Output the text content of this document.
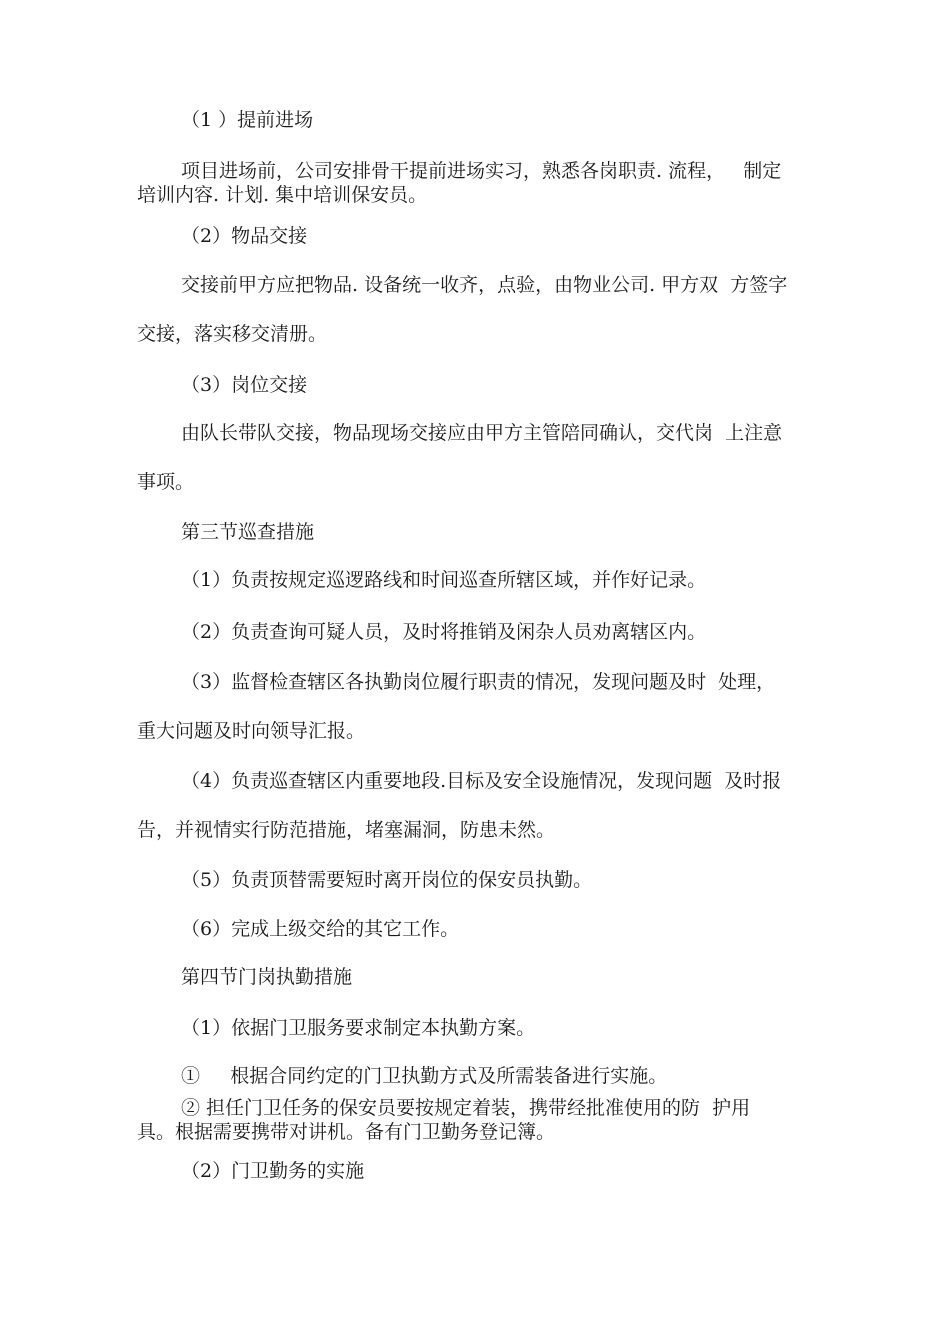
（1 ）提前进场

项目进场前，公司安排骨干提前进场实习，熟悉各岗职责. 流程，   制定

培训内容. 计划. 集中培训保安员。

（2）物品交接

交接前甲方应把物品. 设备统一收齐，点验，由物业公司. 甲方双  方签字

交接，落实移交清册。

（3）岗位交接

由队长带队交接，物品现场交接应由甲方主管陪同确认，交代岗  上注意

事项。

第三节巡查措施

（1）负责按规定巡逻路线和时间巡查所辖区域，并作好记录。

（2）负责查询可疑人员，及时将推销及闲杂人员劝离辖区内。

（3）监督检查辖区各执勤岗位履行职责的情况，发现问题及时  处理，

重大问题及时向领导汇报。

（4）负责巡查辖区内重要地段.目标及安全设施情况，发现问题  及时报

告，并视情实行防范措施，堵塞漏洞，防患未然。

（5）负责顶替需要短时离开岗位的保安员执勤。

（6）完成上级交给的其它工作。

第四节门岗执勤措施

（1）依据门卫服务要求制定本执勤方案。

①     根据合同约定的门卫执勤方式及所需装备进行实施。

② 担任门卫任务的保安员要按规定着装，携带经批准使用的防  护用

具。根据需要携带对讲机。备有门卫勤务登记簿。

（2）门卫勤务的实施
